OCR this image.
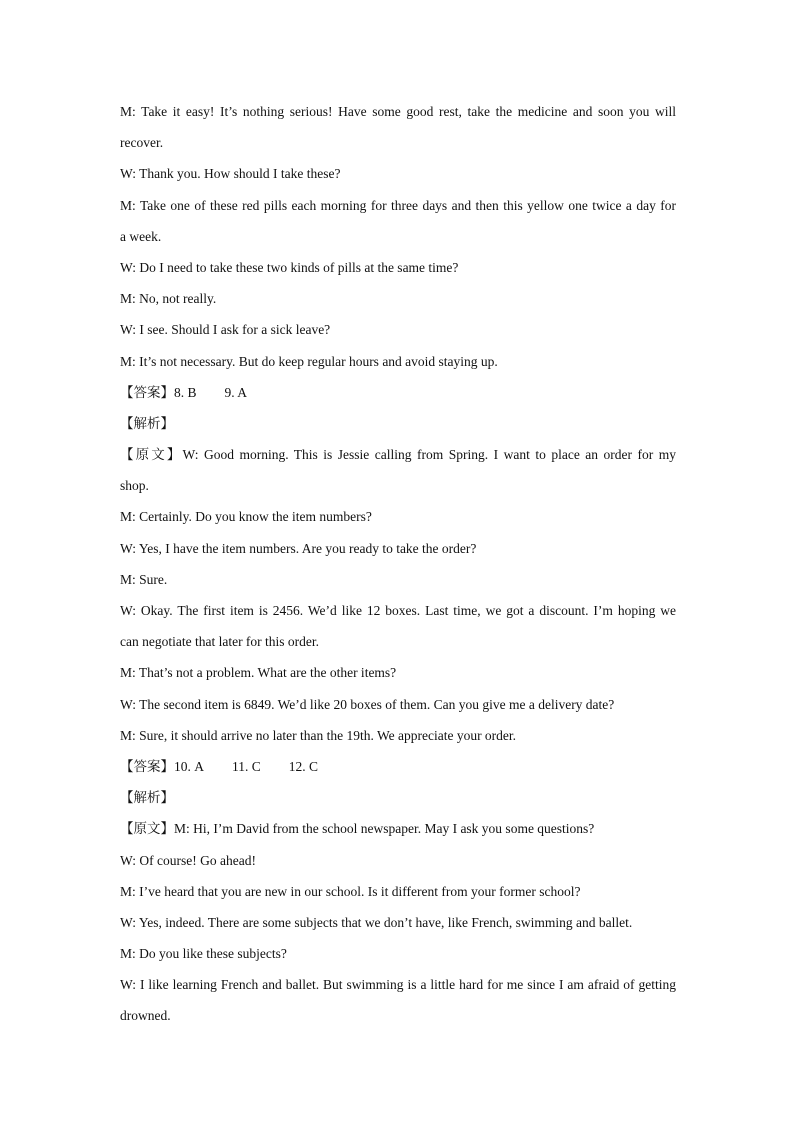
M: Take it easy! It’s nothing serious! Have some good rest, take the medicine and soon you will
recover.
W: Thank you. How should I take these?
M: Take one of these red pills each morning for three days and then this yellow one twice a day for
a week.
W: Do I need to take these two kinds of pills at the same time?
M: No, not really.
W: I see. Should I ask for a sick leave?
M: It’s not necessary. But do keep regular hours and avoid staying up.
【答案】8. B 9. A
【解析】
【原文】W: Good morning. This is Jessie calling from Spring. I want to place an order for my
shop.
M: Certainly. Do you know the item numbers?
W: Yes, I have the item numbers. Are you ready to take the order?
M: Sure.
W: Okay. The first item is 2456. We’d like 12 boxes. Last time, we got a discount. I’m hoping we
can negotiate that later for this order.
M: That’s not a problem. What are the other items?
W: The second item is 6849. We’d like 20 boxes of them. Can you give me a delivery date?
M: Sure, it should arrive no later than the 19th. We appreciate your order.
【答案】10. A 11. C 12. C
【解析】
【原文】M: Hi, I’m David from the school newspaper. May I ask you some questions?
W: Of course! Go ahead!
M: I’ve heard that you are new in our school. Is it different from your former school?
W: Yes, indeed. There are some subjects that we don’t have, like French, swimming and ballet.
M: Do you like these subjects?
W: I like learning French and ballet. But swimming is a little hard for me since I am afraid of getting
drowned.
